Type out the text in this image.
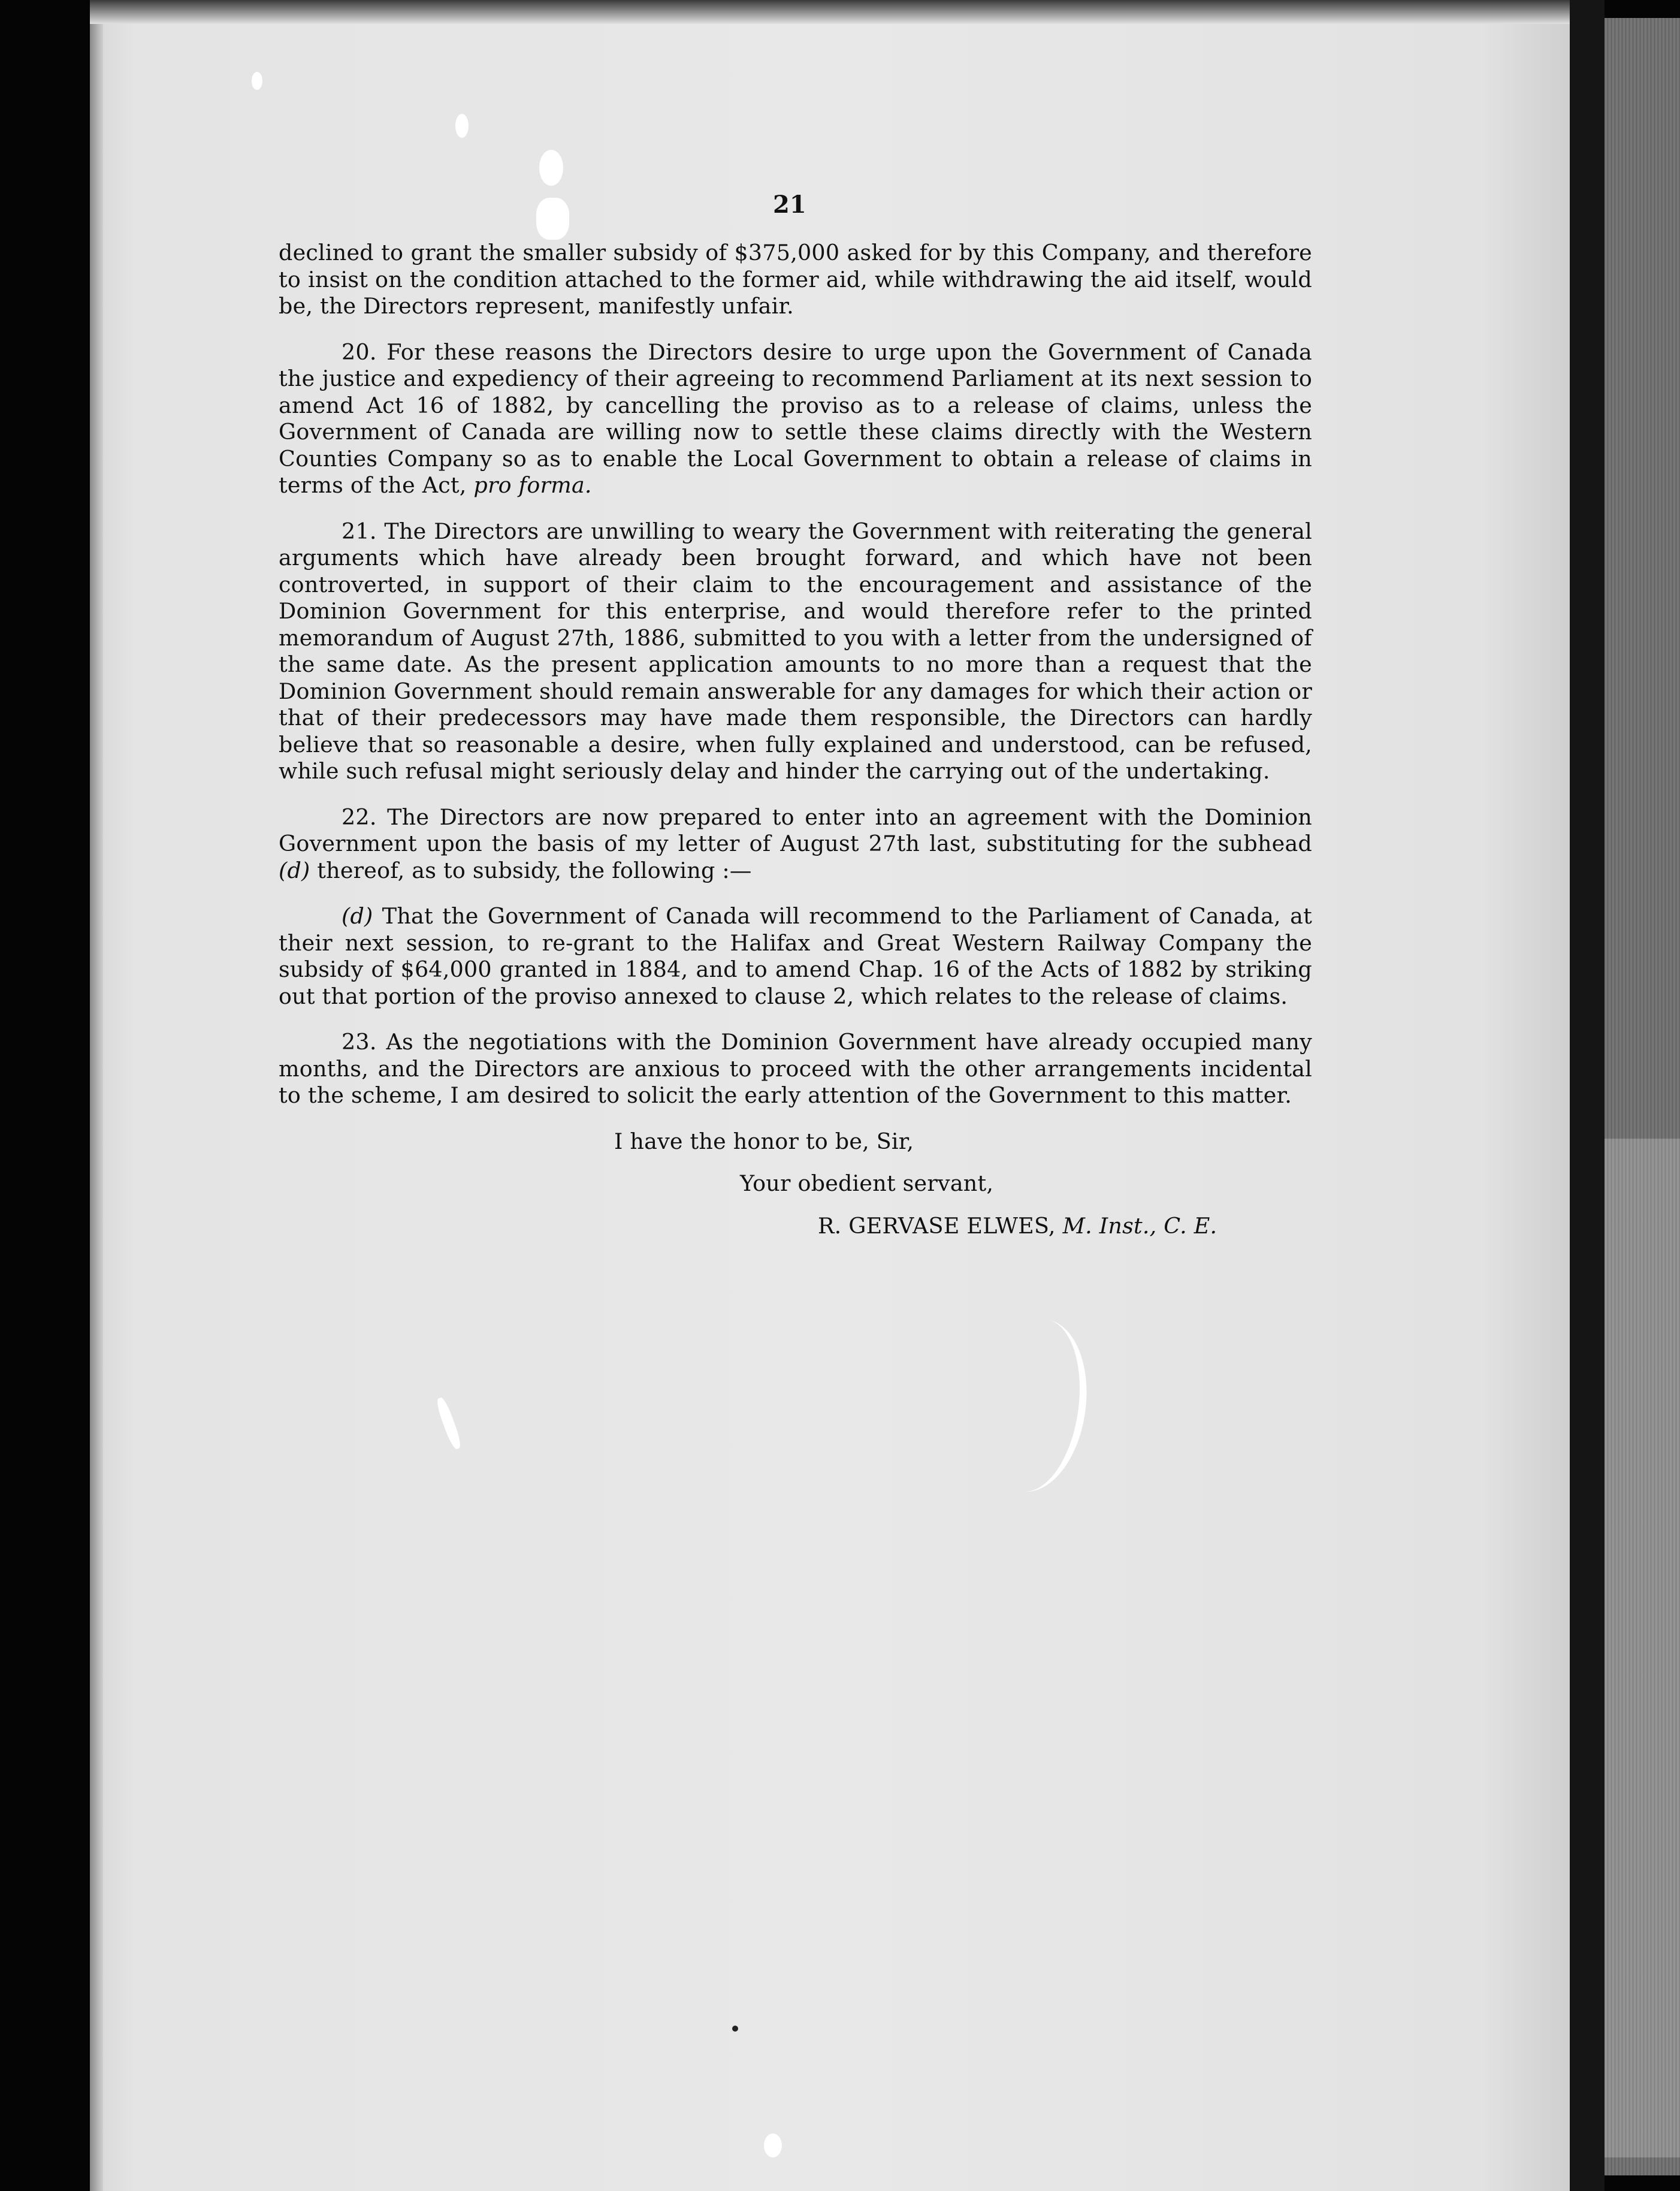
21

declined to grant the smaller subsidy of $375,000 asked for by this Company, and therefore to insist on the condition attached to the former aid, while withdrawing the aid itself, would be, the Directors represent, manifestly unfair.

20. For these reasons the Directors desire to urge upon the Government of Canada the justice and expediency of their agreeing to recommend Parliament at its next session to amend Act 16 of 1882, by cancelling the proviso as to a release of claims, unless the Government of Canada are willing now to settle these claims directly with the Western Counties Company so as to enable the Local Government to obtain a release of claims in terms of the Act, pro forma.

21. The Directors are unwilling to weary the Government with reiterating the general arguments which have already been brought forward, and which have not been controverted, in support of their claim to the encouragement and assistance of the Dominion Government for this enterprise, and would therefore refer to the printed memorandum of August 27th, 1886, submitted to you with a letter from the undersigned of the same date. As the present application amounts to no more than a request that the Dominion Government should remain answerable for any damages for which their action or that of their predecessors may have made them responsible, the Directors can hardly believe that so reasonable a desire, when fully explained and understood, can be refused, while such refusal might seriously delay and hinder the carrying out of the undertaking.

22. The Directors are now prepared to enter into an agreement with the Dominion Government upon the basis of my letter of August 27th last, substituting for the subhead (d) thereof, as to subsidy, the following :—

(d) That the Government of Canada will recommend to the Parliament of Canada, at their next session, to re-grant to the Halifax and Great Western Railway Company the subsidy of $64,000 granted in 1884, and to amend Chap. 16 of the Acts of 1882 by striking out that portion of the proviso annexed to clause 2, which relates to the release of claims.

23. As the negotiations with the Dominion Government have already occupied many months, and the Directors are anxious to proceed with the other arrangements incidental to the scheme, I am desired to solicit the early attention of the Government to this matter.

I have the honor to be, Sir,

Your obedient servant,

R. GERVASE ELWES, M. Inst., C. E.
